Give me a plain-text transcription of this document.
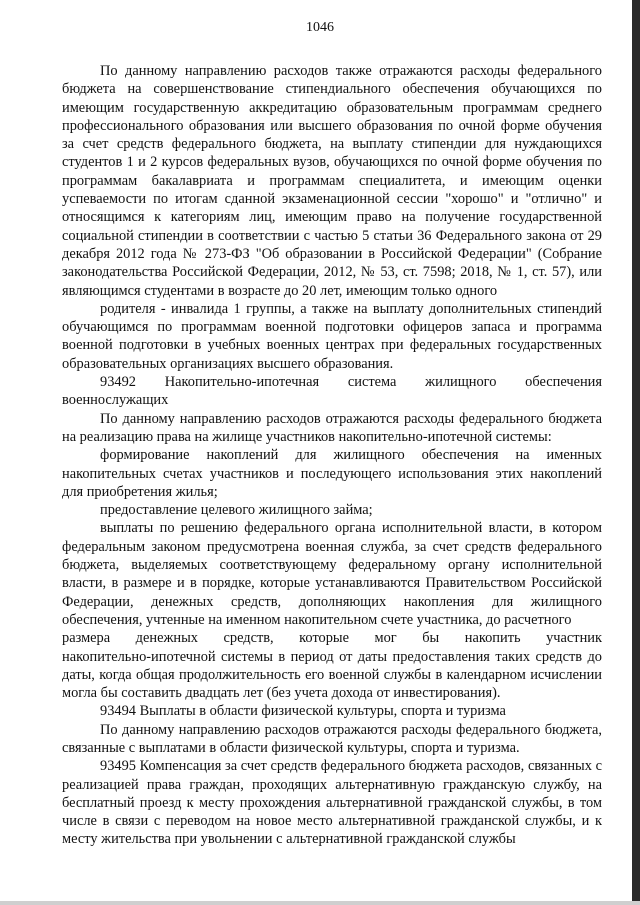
1046

По данному направлению расходов также отражаются расходы федерального бюджета на совершенствование стипендиального обеспечения обучающихся по имеющим государственную аккредитацию образовательным программам среднего профессионального образования или высшего образования по очной форме обучения за счет средств федерального бюджета, на выплату стипендии для нуждающихся студентов 1 и 2 курсов федеральных вузов, обучающихся по очной форме обучения по программам бакалавриата и программам специалитета, и имеющим оценки успеваемости по итогам сданной экзаменационной сессии "хорошо" и "отлично" и относящимся к категориям лиц, имеющим право на получение государственной социальной стипендии в соответствии с частью 5 статьи 36 Федерального закона от 29 декабря 2012 года № 273-ФЗ "Об образовании в Российской Федерации" (Собрание законодательства Российской Федерации, 2012, № 53, ст. 7598; 2018, № 1, ст. 57), или являющимся студентами в возрасте до 20 лет, имеющим только одного

родителя - инвалида 1 группы, а также на выплату дополнительных стипендий обучающимся по программам военной подготовки офицеров запаса и программа военной подготовки в учебных военных центрах при федеральных государственных образовательных организациях высшего образования.

93492 Накопительно-ипотечная система жилищного обеспечения

военнослужащих

По данному направлению расходов отражаются расходы федерального бюджета на реализацию права на жилище участников накопительно-ипотечной системы:

формирование накоплений для жилищного обеспечения на именных накопительных счетах участников и последующего использования этих накоплений для приобретения жилья;

предоставление целевого жилищного займа;

выплаты по решению федерального органа исполнительной власти, в котором федеральным законом предусмотрена военная служба, за счет средств федерального бюджета, выделяемых соответствующему федеральному органу исполнительной власти, в размере и в порядке, которые устанавливаются Правительством Российской Федерации, денежных средств, дополняющих накопления для жилищного обеспечения, учтенные на именном накопительном счете участника, до расчетного

размера денежных средств, которые мог бы накопить участник

накопительно-ипотечной системы в период от даты предоставления таких средств до даты, когда общая продолжительность его военной службы в календарном исчислении могла бы составить двадцать лет (без учета дохода от инвестирования).

93494 Выплаты в области физической культуры, спорта и туризма

По данному направлению расходов отражаются расходы федерального бюджета, связанные с выплатами в области физической культуры, спорта и туризма.

93495 Компенсация за счет средств федерального бюджета расходов, связанных с реализацией права граждан, проходящих альтернативную гражданскую службу, на бесплатный проезд к месту прохождения альтернативной гражданской службы, в том числе в связи с переводом на новое место альтернативной гражданской службы, и к месту жительства при увольнении с альтернативной гражданской службы
